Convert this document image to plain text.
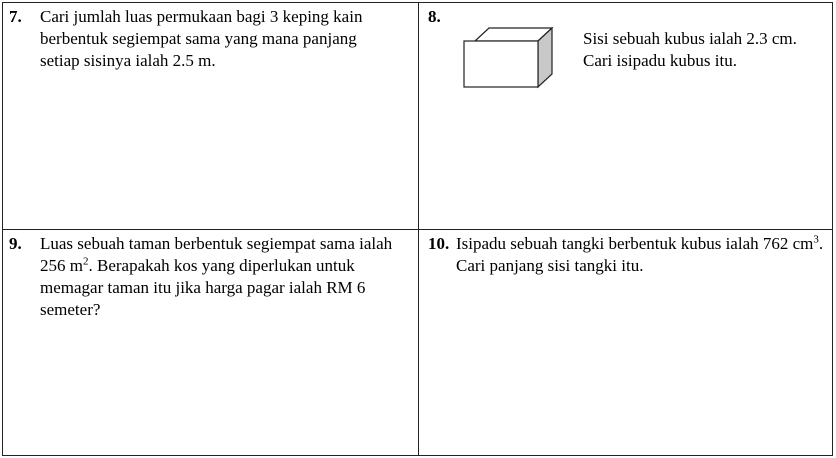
7. Cari jumlah luas permukaan bagi 3 keping kain berbentuk segiempat sama yang mana panjang setiap sisinya ialah 2.5 m.
8.
Sisi sebuah kubus ialah 2.3 cm. Cari isipadu kubus itu.
9. Luas sebuah taman berbentuk segiempat sama ialah 256 $m^2$. Berapakah kos yang diperlukan untuk memagar taman itu jika harga pagar ialah RM 6 semeter?
10. Isipadu sebuah tangki berbentuk kubus ialah 762 $cm^3$. Cari panjang sisi tangki itu.
